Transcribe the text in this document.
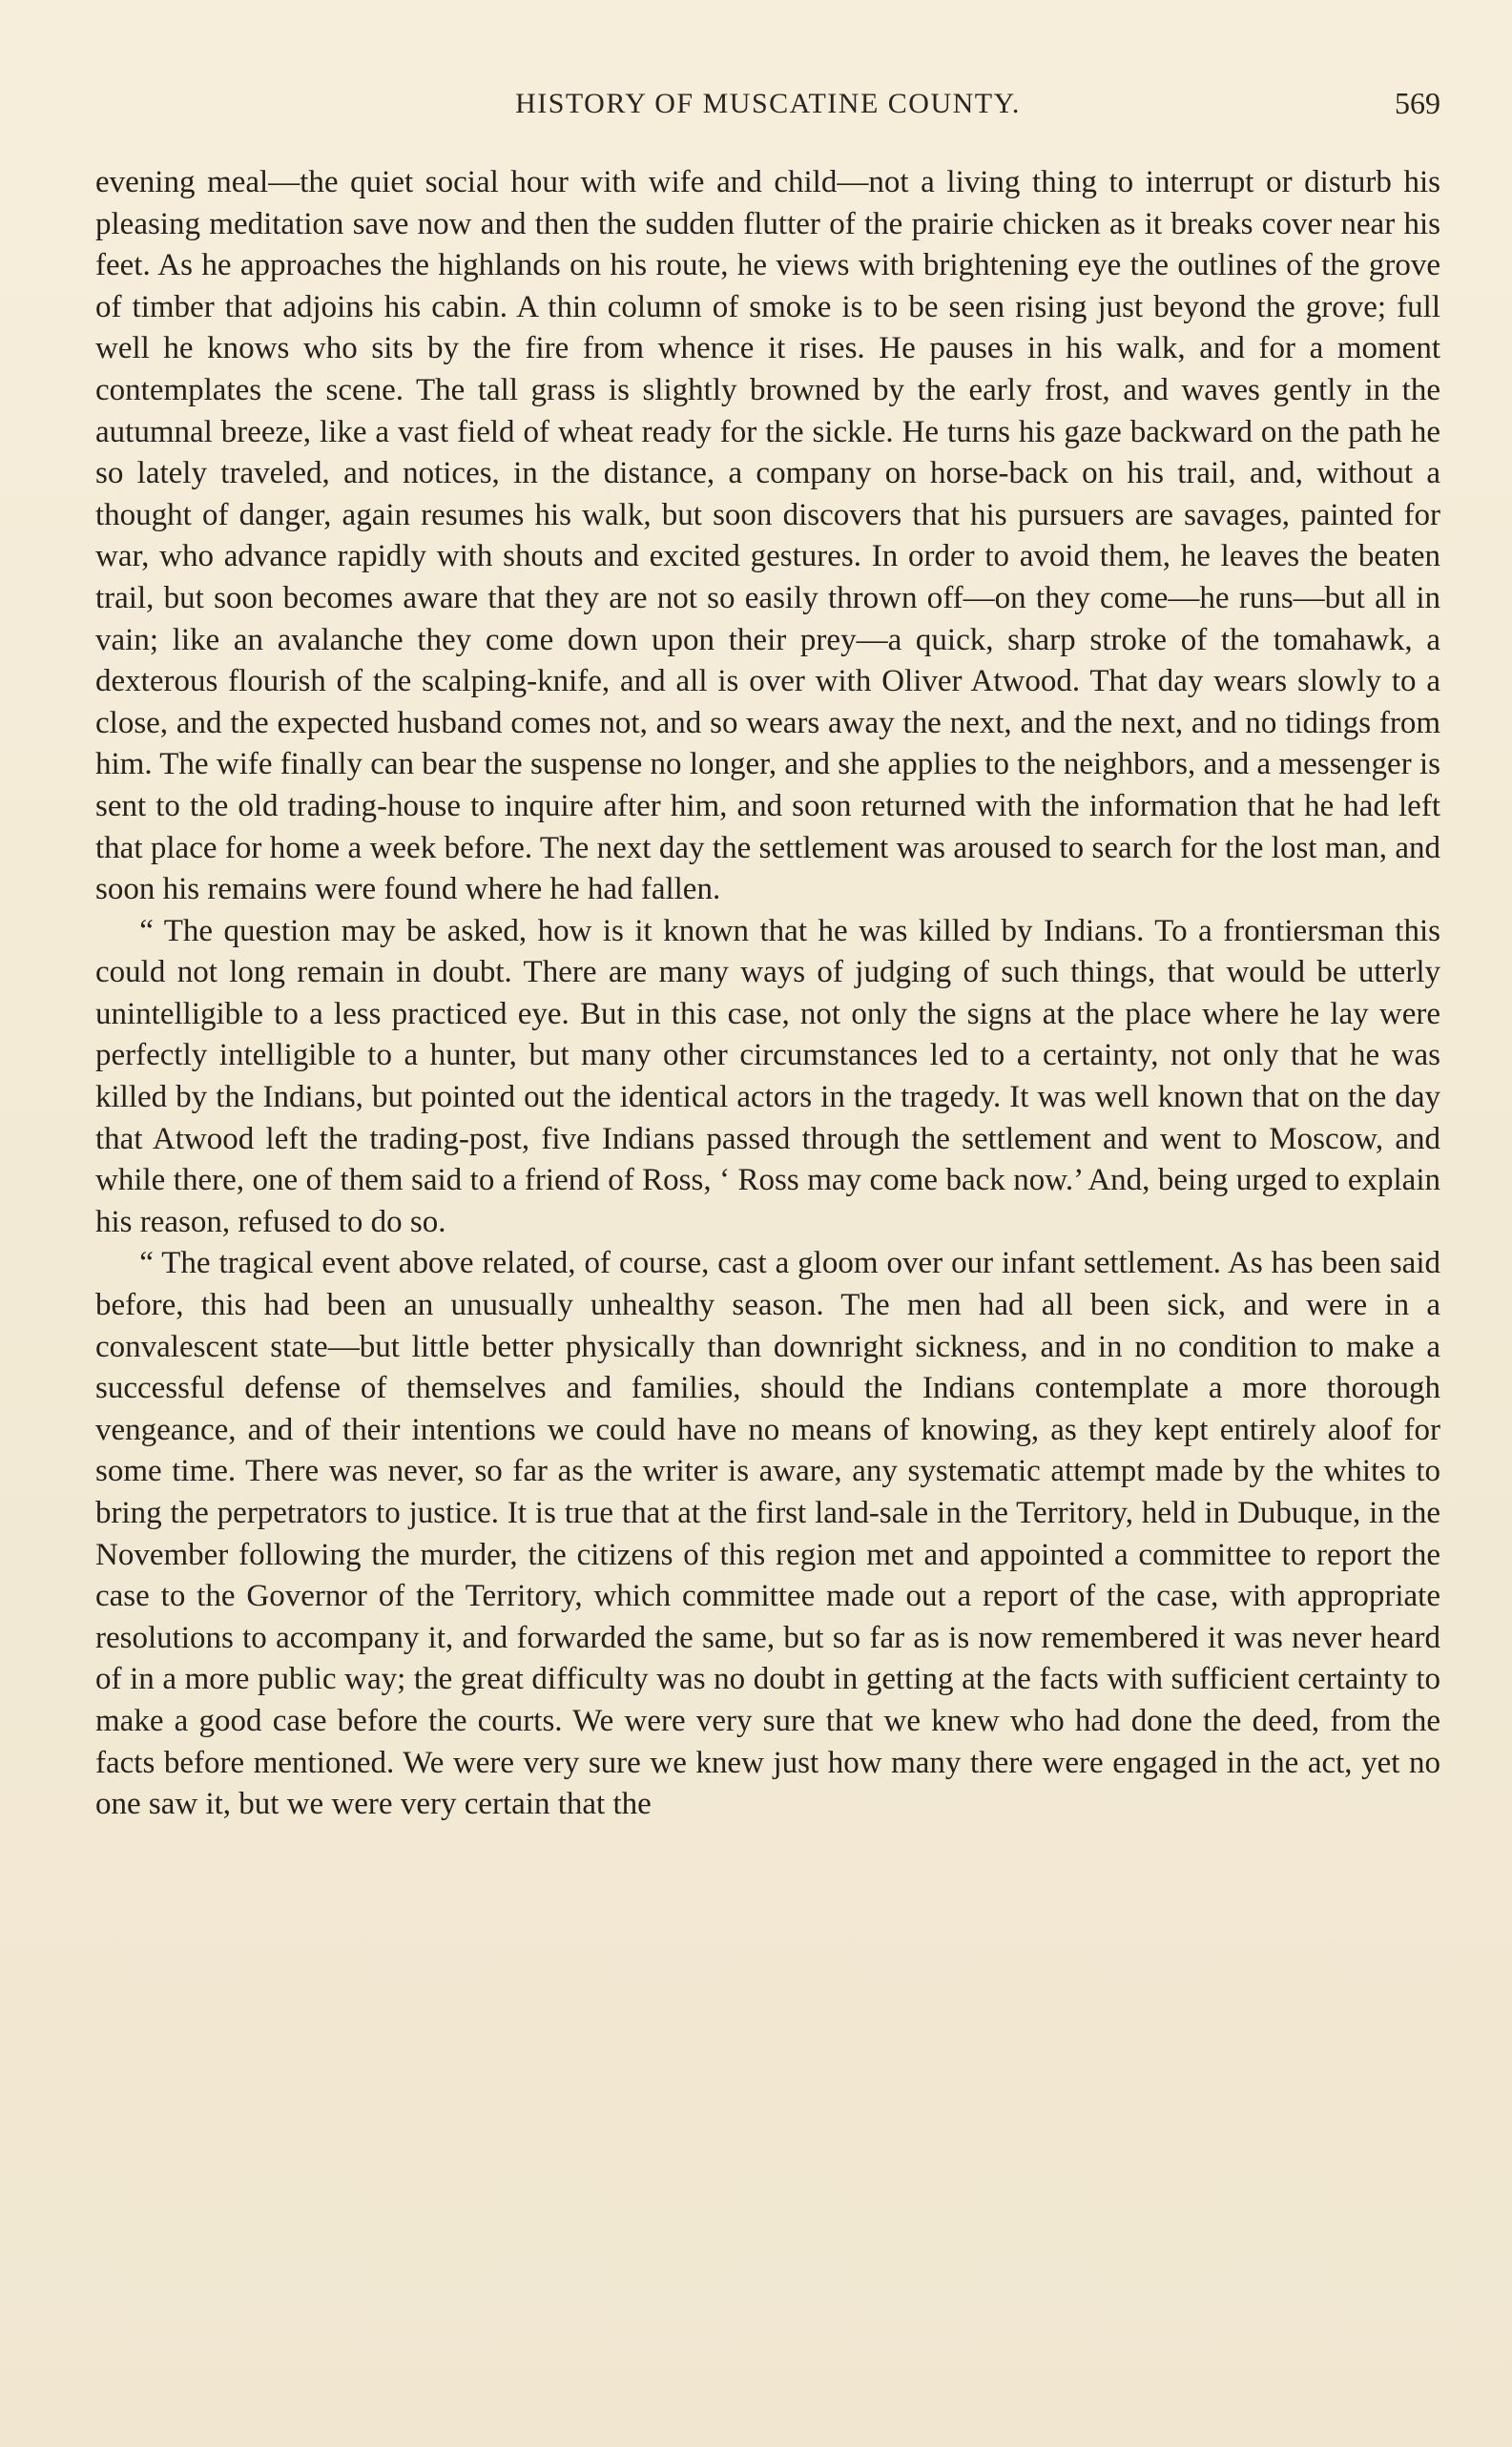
HISTORY OF MUSCATINE COUNTY.	569

evening meal—the quiet social hour with wife and child—not a living thing to interrupt or disturb his pleasing meditation save now and then the sudden flutter of the prairie chicken as it breaks cover near his feet. As he approaches the highlands on his route, he views with brightening eye the outlines of the grove of timber that adjoins his cabin. A thin column of smoke is to be seen rising just beyond the grove; full well he knows who sits by the fire from whence it rises. He pauses in his walk, and for a moment contemplates the scene. The tall grass is slightly browned by the early frost, and waves gently in the autumnal breeze, like a vast field of wheat ready for the sickle. He turns his gaze backward on the path he so lately traveled, and notices, in the distance, a company on horse-back on his trail, and, without a thought of danger, again resumes his walk, but soon discovers that his pursuers are savages, painted for war, who advance rapidly with shouts and excited gestures. In order to avoid them, he leaves the beaten trail, but soon becomes aware that they are not so easily thrown off—on they come—he runs—but all in vain; like an avalanche they come down upon their prey—a quick, sharp stroke of the tomahawk, a dexterous flourish of the scalping-knife, and all is over with Oliver Atwood. That day wears slowly to a close, and the expected husband comes not, and so wears away the next, and the next, and no tidings from him. The wife finally can bear the suspense no longer, and she applies to the neighbors, and a messenger is sent to the old trading-house to inquire after him, and soon returned with the information that he had left that place for home a week before. The next day the settlement was aroused to search for the lost man, and soon his remains were found where he had fallen.

“ The question may be asked, how is it known that he was killed by Indians. To a frontiersman this could not long remain in doubt. There are many ways of judging of such things, that would be utterly unintelligible to a less practiced eye. But in this case, not only the signs at the place where he lay were perfectly intelligible to a hunter, but many other circumstances led to a certainty, not only that he was killed by the Indians, but pointed out the identical actors in the tragedy. It was well known that on the day that Atwood left the trading-post, five Indians passed through the settlement and went to Moscow, and while there, one of them said to a friend of Ross, ‘ Ross may come back now.’ And, being urged to explain his reason, refused to do so.

“ The tragical event above related, of course, cast a gloom over our infant settlement. As has been said before, this had been an unusually unhealthy season. The men had all been sick, and were in a convalescent state—but little better physically than downright sickness, and in no condition to make a successful defense of themselves and families, should the Indians contemplate a more thorough vengeance, and of their intentions we could have no means of knowing, as they kept entirely aloof for some time. There was never, so far as the writer is aware, any systematic attempt made by the whites to bring the perpetrators to justice. It is true that at the first land-sale in the Territory, held in Dubuque, in the November following the murder, the citizens of this region met and appointed a committee to report the case to the Governor of the Territory, which committee made out a report of the case, with appropriate resolutions to accompany it, and forwarded the same, but so far as is now remembered it was never heard of in a more public way; the great difficulty was no doubt in getting at the facts with sufficient certainty to make a good case before the courts. We were very sure that we knew who had done the deed, from the facts before mentioned. We were very sure we knew just how many there were engaged in the act, yet no one saw it, but we were very certain that the
